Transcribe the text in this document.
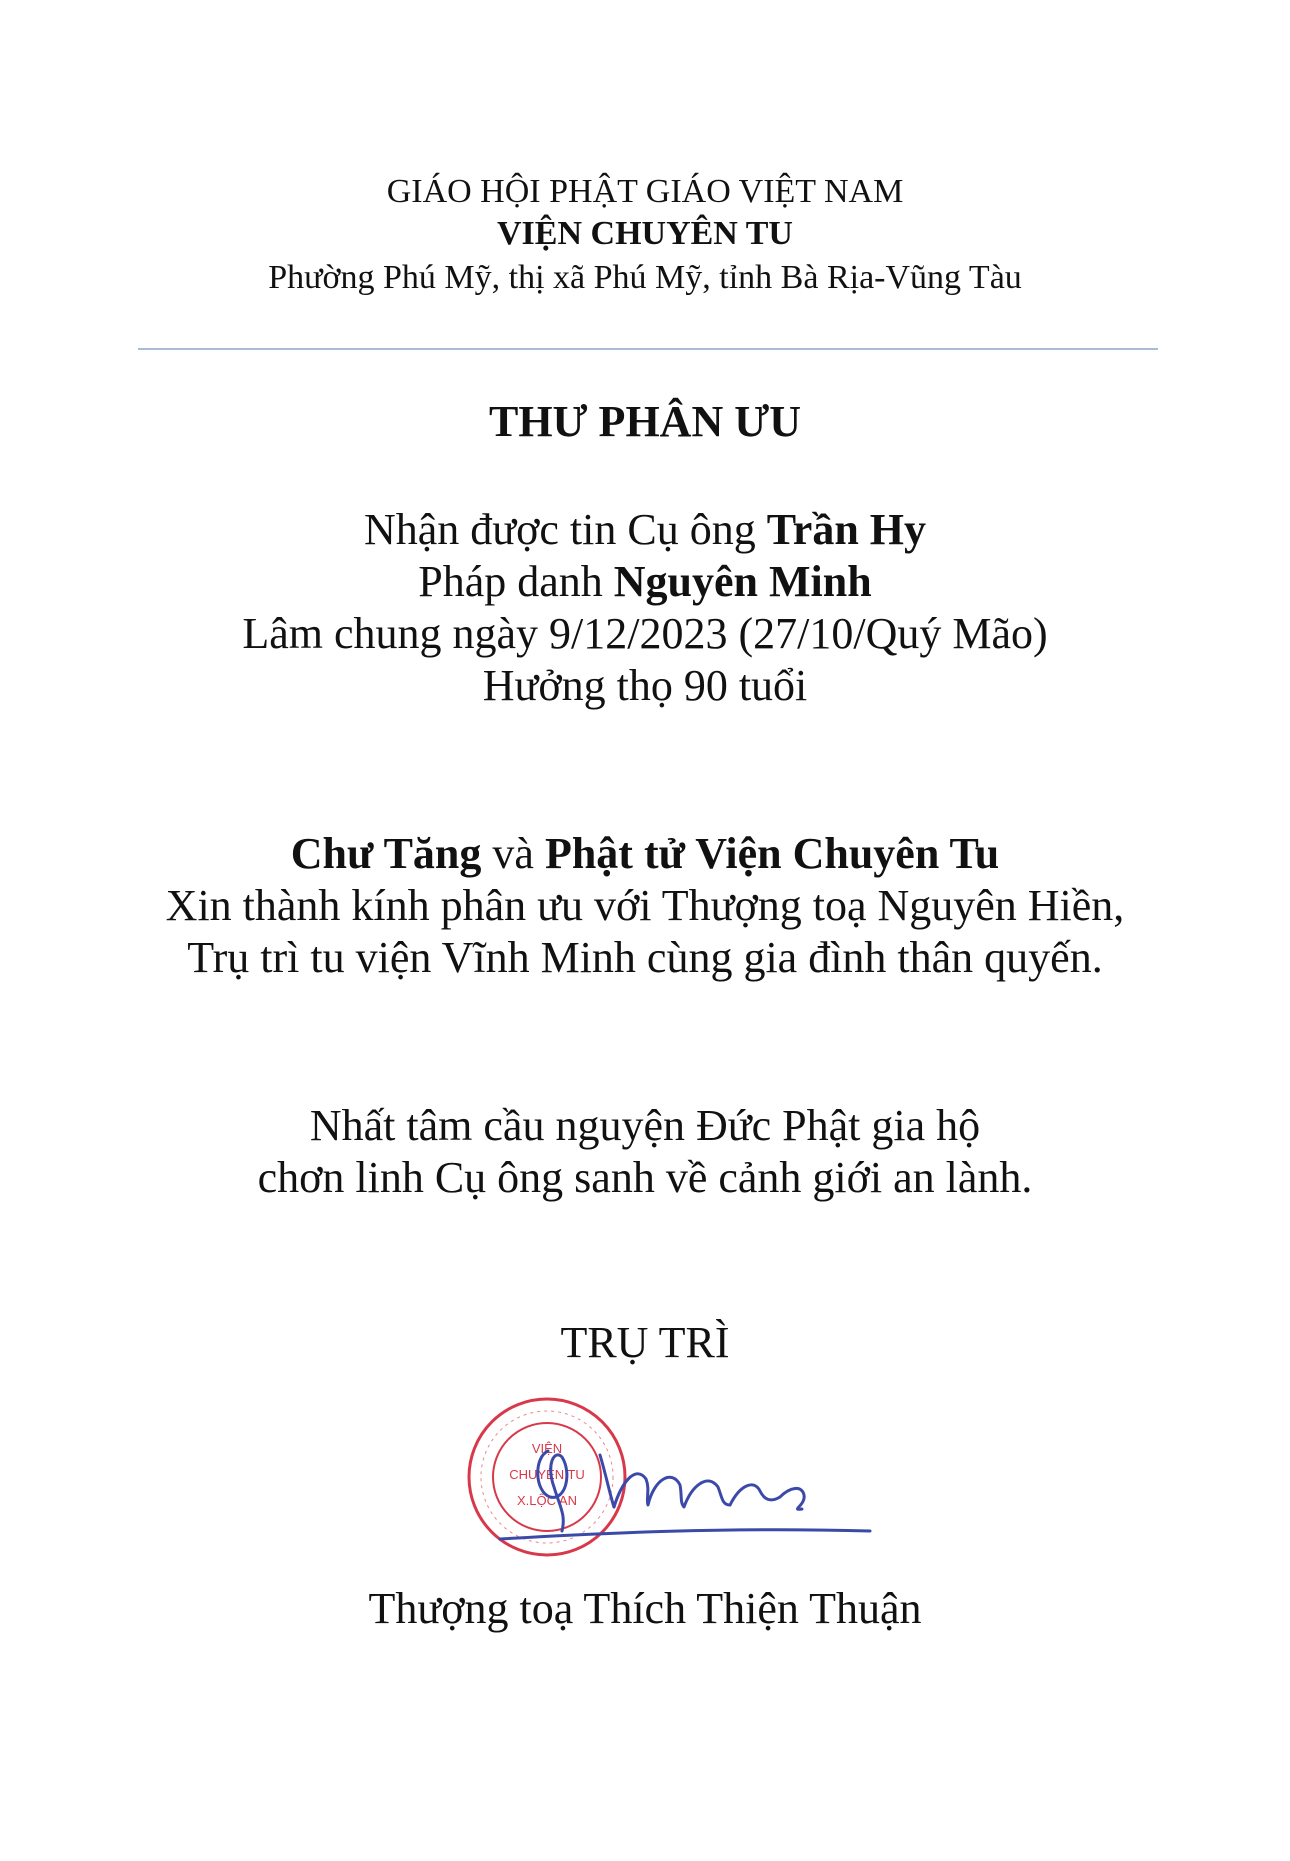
GIÁO HỘI PHẬT GIÁO VIỆT NAM
VIỆN CHUYÊN TU
Phường Phú Mỹ, thị xã Phú Mỹ, tỉnh Bà Rịa-Vũng Tàu
THƯ PHÂN ƯU
Nhận được tin Cụ ông Trần Hy
Pháp danh Nguyên Minh
Lâm chung ngày 9/12/2023 (27/10/Quý Mão)
Hưởng thọ 90 tuổi
Chư Tăng và Phật tử Viện Chuyên Tu
Xin thành kính phân ưu với Thượng toạ Nguyên Hiền,
Trụ trì tu viện Vĩnh Minh cùng gia đình thân quyến.
Nhất tâm cầu nguyện Đức Phật gia hộ
chơn linh Cụ ông sanh về cảnh giới an lành.
TRỤ TRÌ
VIỆN
CHUYÊN TU
X.LỘC AN
Thượng toạ Thích Thiện Thuận
